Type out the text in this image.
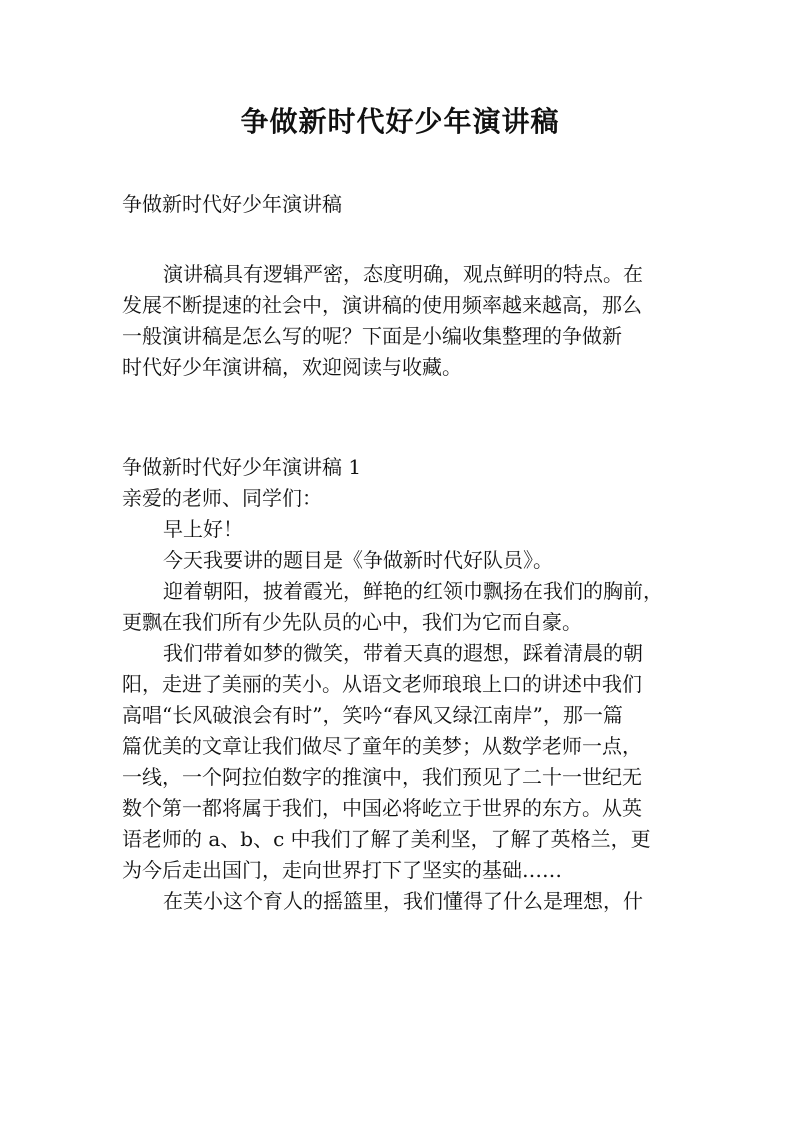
争做新时代好少年演讲稿
争做新时代好少年演讲稿
演讲稿具有逻辑严密，态度明确，观点鲜明的特点。在
发展不断提速的社会中，演讲稿的使用频率越来越高，那么
一般演讲稿是怎么写的呢？下面是小编收集整理的争做新
时代好少年演讲稿，欢迎阅读与收藏。
争做新时代好少年演讲稿 1
亲爱的老师、同学们：
早上好！
今天我要讲的题目是《争做新时代好队员》。
迎着朝阳，披着霞光，鲜艳的红领巾飘扬在我们的胸前，
更飘在我们所有少先队员的心中，我们为它而自豪。
我们带着如梦的微笑，带着天真的遐想，踩着清晨的朝
阳，走进了美丽的芙小。从语文老师琅琅上口的讲述中我们
高唱“长风破浪会有时”，笑吟“春风又绿江南岸”，那一篇
篇优美的文章让我们做尽了童年的美梦；从数学老师一点，
一线，一个阿拉伯数字的推演中，我们预见了二十一世纪无
数个第一都将属于我们，中国必将屹立于世界的东方。从英
语老师的 a、b、c 中我们了解了美利坚，了解了英格兰，更
为今后走出国门，走向世界打下了坚实的基础……
在芙小这个育人的摇篮里，我们懂得了什么是理想，什
